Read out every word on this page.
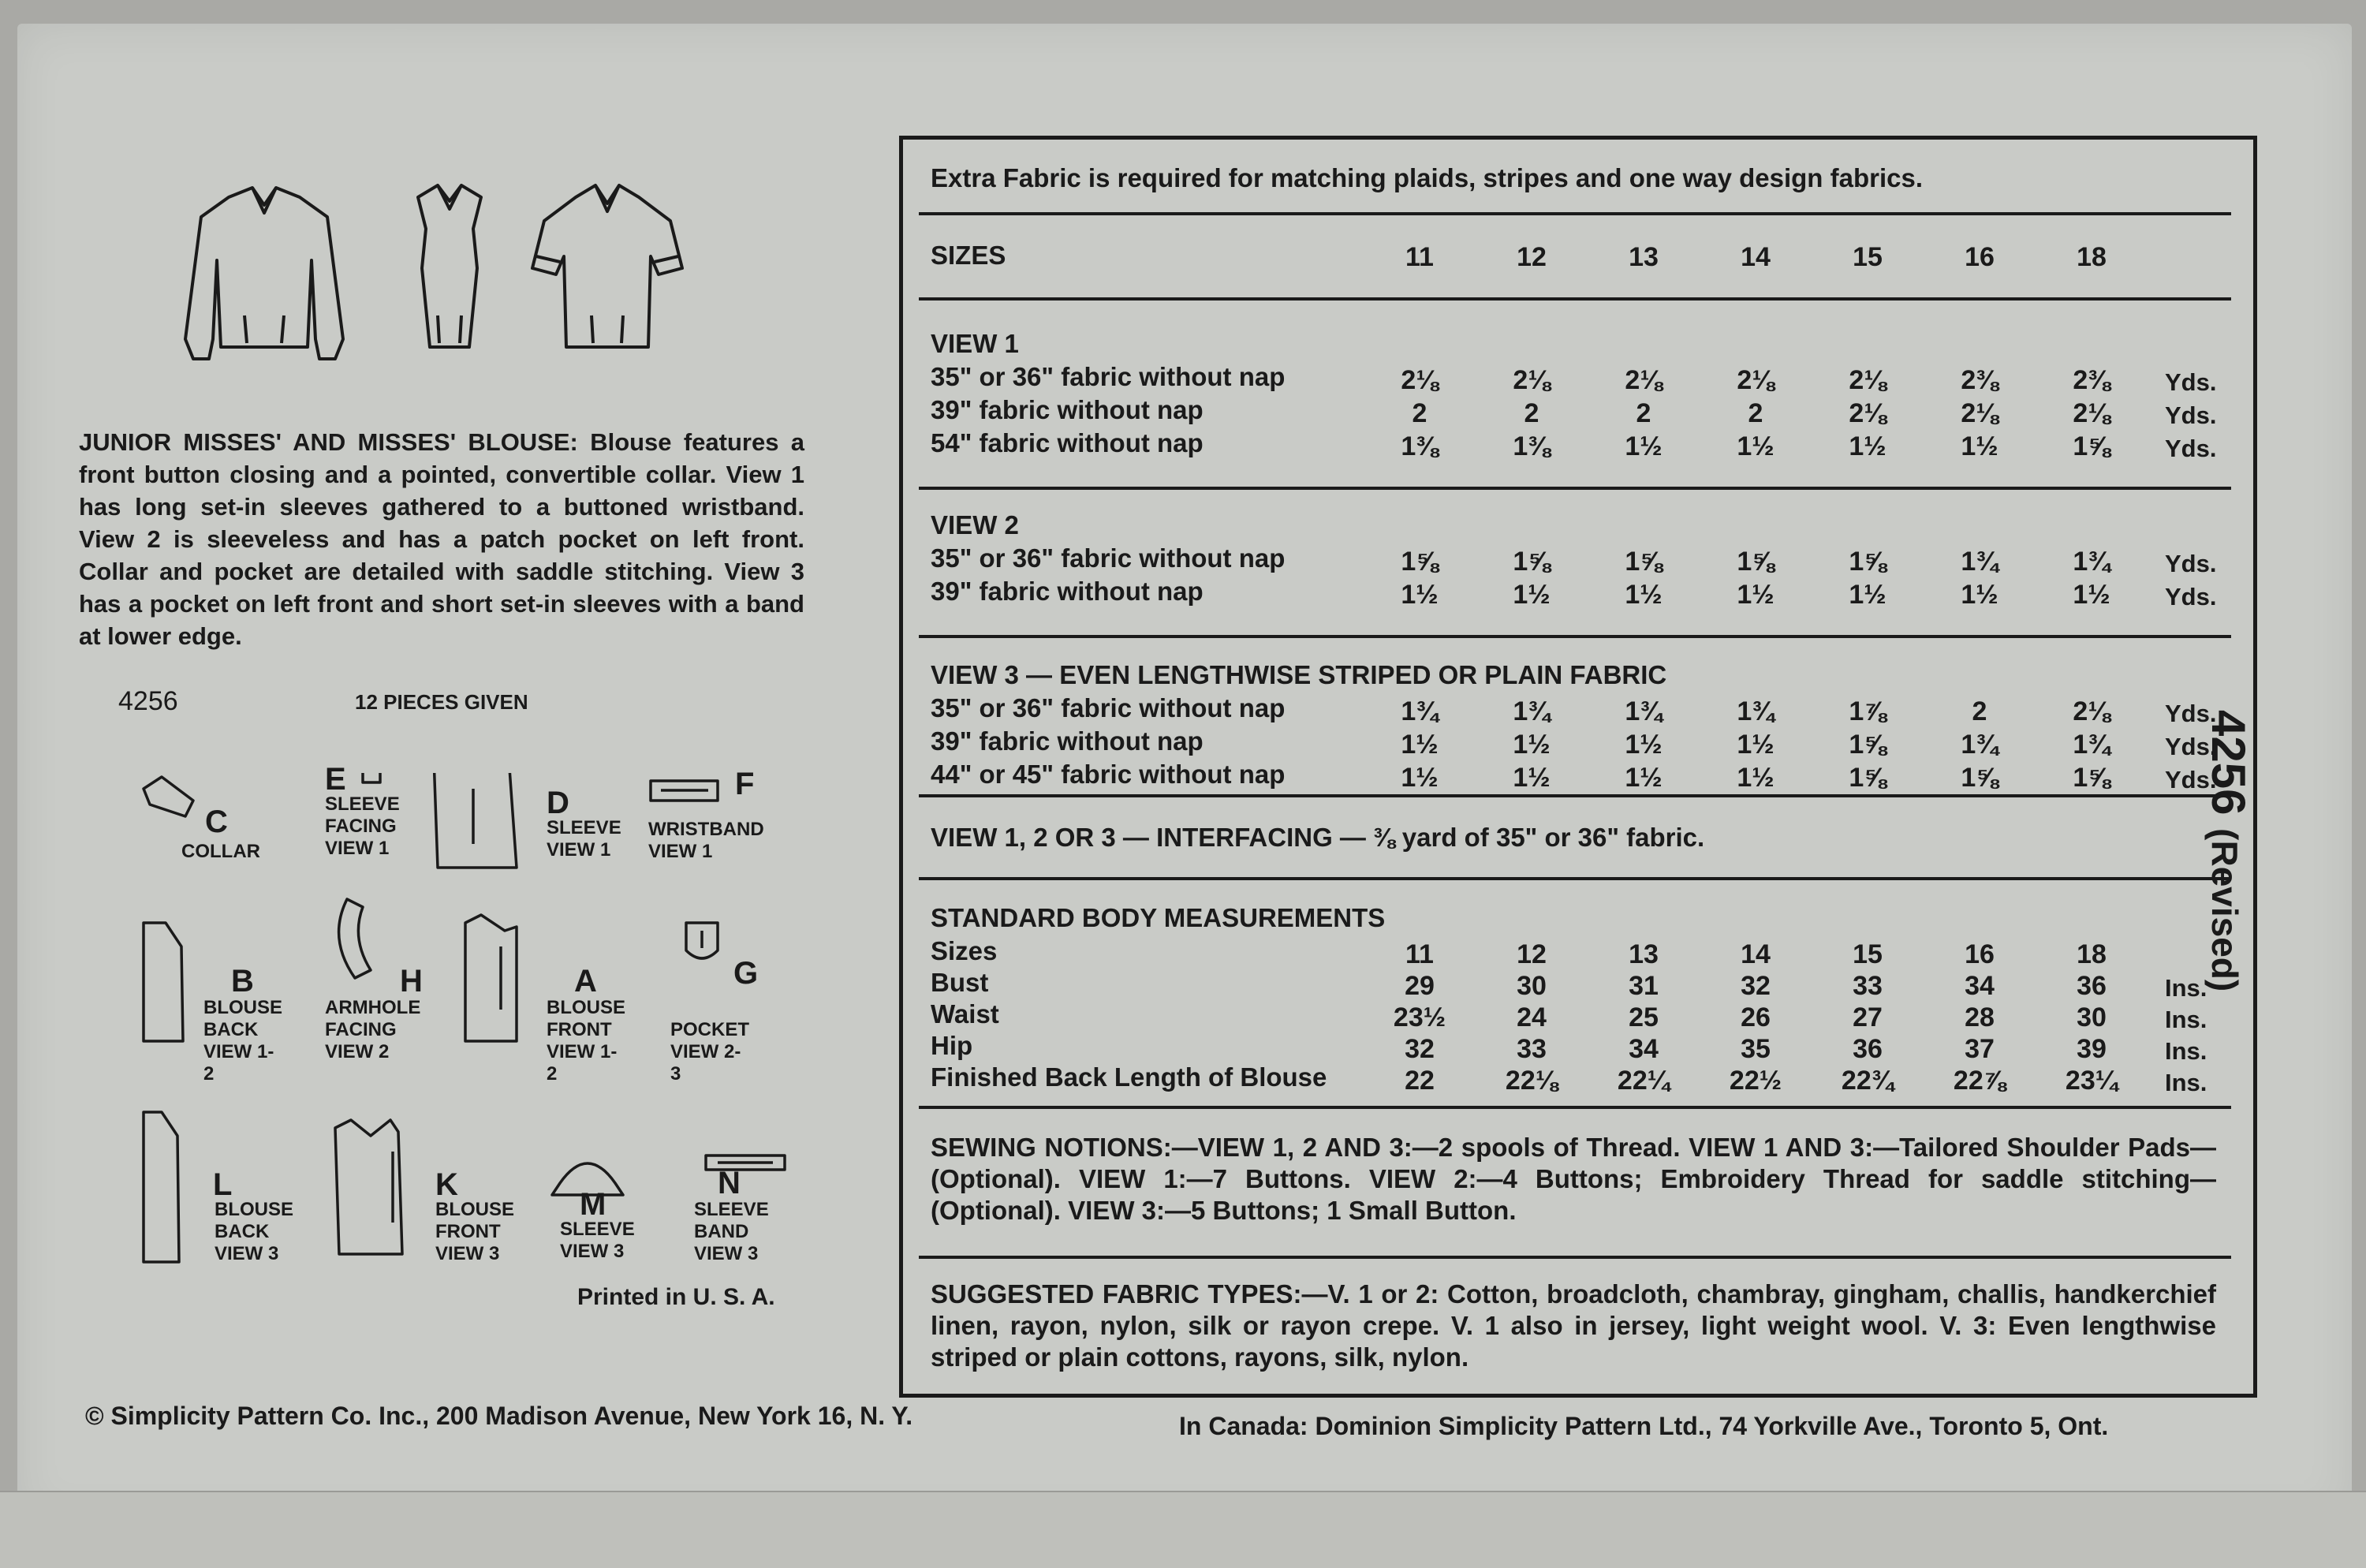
JUNIOR MISSES' AND MISSES' BLOUSE: Blouse features a front button closing and a pointed, convertible collar. View 1 has long set-in sleeves gathered to a buttoned wristband. View 2 is sleeveless and has a patch pocket on left front. Collar and pocket are detailed with saddle stitching. View 3 has a pocket on left front and short set-in sleeves with a band at lower edge.
4256	12 PIECES GIVEN
C
COLLAR
E
SLEEVE
FACING
VIEW 1
D
SLEEVE
VIEW 1
F
WRISTBAND
VIEW 1
B
BLOUSE
BACK
VIEW 1-2
H
ARMHOLE
FACING
VIEW 2
A
BLOUSE
FRONT
VIEW 1-2
G
POCKET
VIEW 2-3
L
BLOUSE
BACK
VIEW 3
K
BLOUSE
FRONT
VIEW 3
M
SLEEVE
VIEW 3
N
SLEEVE
BAND
VIEW 3
Printed in U. S. A.
© Simplicity Pattern Co. Inc., 200 Madison Avenue, New York 16, N. Y.	In Canada: Dominion Simplicity Pattern Ltd., 74 Yorkville Ave., Toronto 5, Ont.
Extra Fabric is required for matching plaids, stripes and one way design fabrics.
SIZES
VIEW 1, 2 OR 3 — INTERFACING — ⅜ yard of 35" or 36" fabric.
STANDARD BODY MEASUREMENTS
SEWING NOTIONS:—VIEW 1, 2 AND 3:—2 spools of Thread. VIEW 1 AND 3:—Tailored Shoulder Pads—(Optional). VIEW 1:—7 Buttons. VIEW 2:—4 Buttons; Embroidery Thread for saddle stitching—(Optional). VIEW 3:—5 Buttons; 1 Small Button.
SUGGESTED FABRIC TYPES:—V. 1 or 2: Cotton, broadcloth, chambray, gingham, challis, handkerchief linen, rayon, nylon, silk or rayon crepe. V. 1 also in jersey, light weight wool. V. 3: Even lengthwise striped or plain cottons, rayons, silk, nylon.
11	12	13	14	15	16	18
VIEW 1
35" or 36" fabric without nap	2⅛	2⅛	2⅛	2⅛	2⅛	2⅜	2⅜	Yds.
39" fabric without nap	2	2	2	2	2⅛	2⅛	2⅛	Yds.
54" fabric without nap	1⅜	1⅜	1½	1½	1½	1½	1⅝	Yds.
VIEW 2
35" or 36" fabric without nap	1⅝	1⅝	1⅝	1⅝	1⅝	1¾	1¾	Yds.
39" fabric without nap	1½	1½	1½	1½	1½	1½	1½	Yds.
VIEW 3 — EVEN LENGTHWISE STRIPED OR PLAIN FABRIC
35" or 36" fabric without nap	1¾	1¾	1¾	1¾	1⅞	2	2⅛	Yds.
39" fabric without nap	1½	1½	1½	1½	1⅝	1¾	1¾	Yds.
44" or 45" fabric without nap	1½	1½	1½	1½	1⅝	1⅝	1⅝	Yds.
Sizes	11	12	13	14	15	16	18
Bust	29	30	31	32	33	34	36	Ins.
Waist	23½	24	25	26	27	28	30	Ins.
Hip	32	33	34	35	36	37	39	Ins.
Finished Back Length of Blouse	22	22⅛	22¼	22½	22¾	22⅞	23¼	Ins.
4256 (Revised)
